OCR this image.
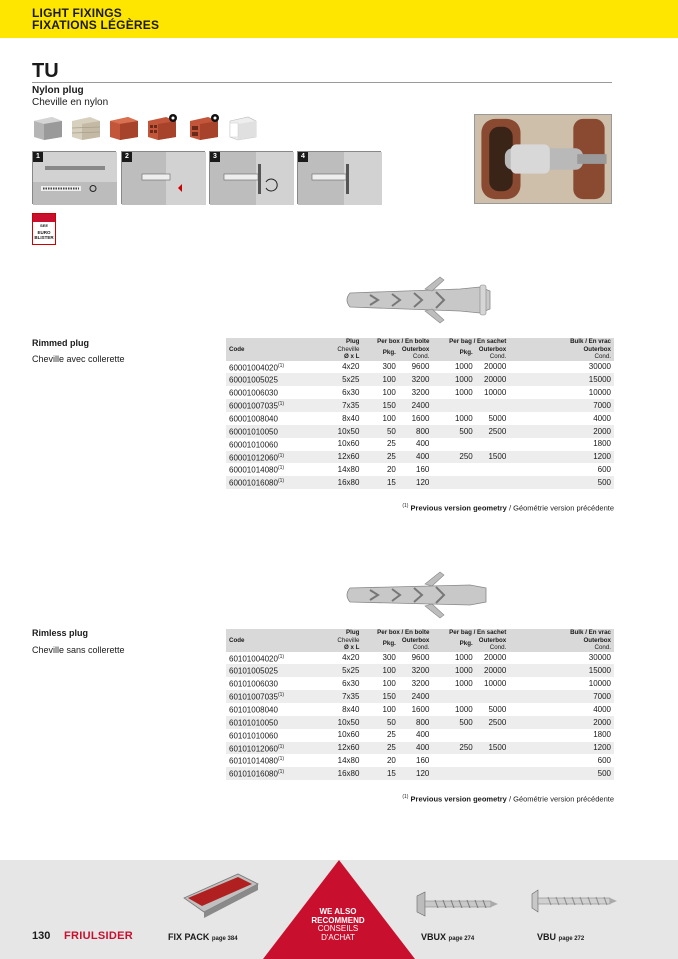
LIGHT FIXINGS
FIXATIONS LÉGÈRES
TU
Nylon plug
Cheville en nylon
1	2	3	4
SEE
EURO
BLISTER
Rimmed plug
Cheville avec collerette
Code	Plug	Per box / En boîte		Per bag / En sachet		Bulk / En vrac
	Cheville	Pkg.	Outerbox	Pkg.	Outerbox	Outerbox
	Ø x L		Cond.		Cond.	Cond.
60001004020$^{(1)}$	4x20	300	9600	1000	20000	30000
60001005025	5x25	100	3200	1000	20000	15000
60001006030	6x30	100	3200	1000	10000	10000
60001007035$^{(1)}$	7x35	150	2400			7000
60001008040	8x40	100	1600	1000	5000	4000
60001010050	10x50	50	800	500	2500	2000
60001010060	10x60	25	400			1800
60001012060$^{(1)}$	12x60	25	400	250	1500	1200
60001014080$^{(1)}$	14x80	20	160			600
60001016080$^{(1)}$	16x80	15	120			500
$^{(1)}$ Previous version geometry / Géométrie version précédente
Rimless plug
Cheville sans collerette
Code	Plug	Per box / En boîte		Per bag / En sachet		Bulk / En vrac
	Cheville	Pkg.	Outerbox	Pkg.	Outerbox	Outerbox
	Ø x L		Cond.		Cond.	Cond.
60101004020$^{(1)}$	4x20	300	9600	1000	20000	30000
60101005025	5x25	100	3200	1000	20000	15000
60101006030	6x30	100	3200	1000	10000	10000
60101007035$^{(1)}$	7x35	150	2400			7000
60101008040	8x40	100	1600	1000	5000	4000
60101010050	10x50	50	800	500	2500	2000
60101010060	10x60	25	400			1800
60101012060$^{(1)}$	12x60	25	400	250	1500	1200
60101014080$^{(1)}$	14x80	20	160			600
60101016080$^{(1)}$	16x80	15	120			500
$^{(1)}$ Previous version geometry / Géométrie version précédente
130 FRIULSIDER	FIX PACK page 384
WE ALSO
RECOMMEND
CONSEILS
D'ACHAT	VBUX page 274	VBU page 272
